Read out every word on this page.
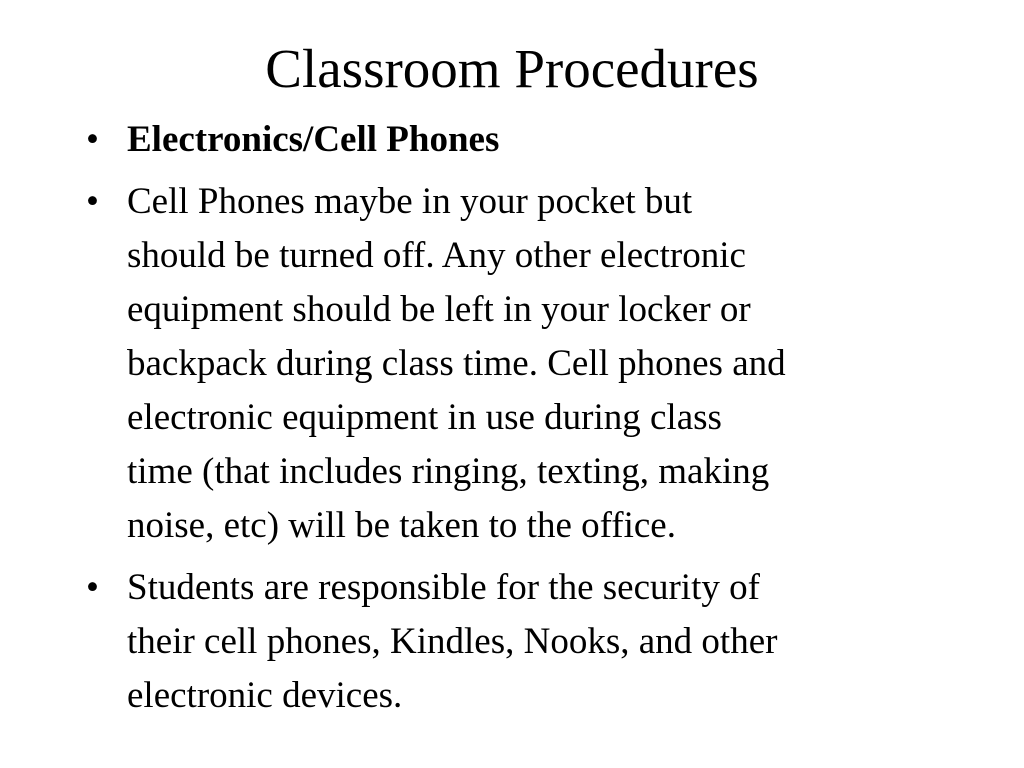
Classroom Procedures
• Electronics/Cell Phones
• Cell Phones maybe in your pocket but
should be turned off. Any other electronic
equipment should be left in your locker or
backpack during class time. Cell phones and
electronic equipment in use during class
time (that includes ringing, texting, making
noise, etc) will be taken to the office.
• Students are responsible for the security of
their cell phones, Kindles, Nooks, and other
electronic devices.
